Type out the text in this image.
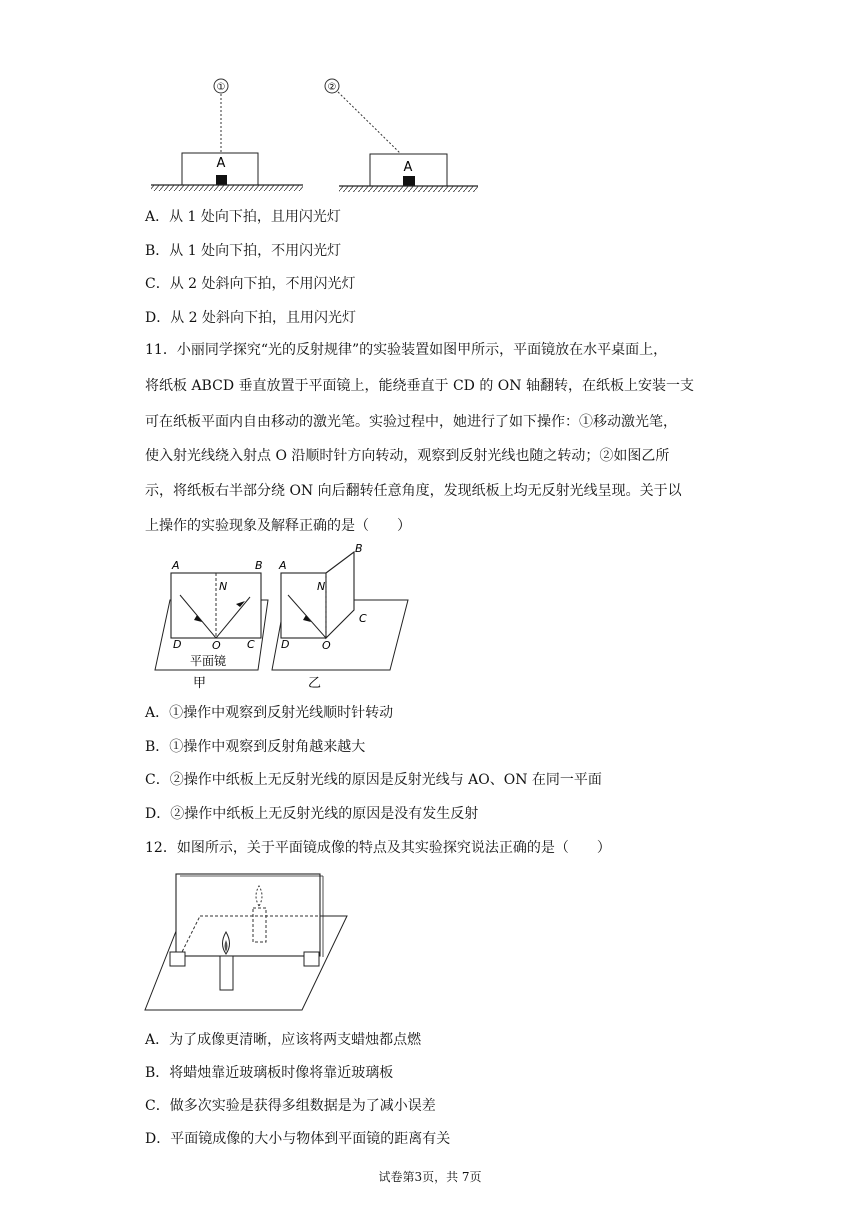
①
A
②
A
A．从 1 处向下拍，且用闪光灯
B．从 1 处向下拍，不用闪光灯
C．从 2 处斜向下拍，不用闪光灯
D．从 2 处斜向下拍，且用闪光灯
11．小丽同学探究“光的反射规律”的实验装置如图甲所示，平面镜放在水平桌面上，
将纸板 ABCD 垂直放置于平面镜上，能绕垂直于 CD 的 ON 轴翻转，在纸板上安装一支
可在纸板平面内自由移动的激光笔。实验过程中，她进行了如下操作：①移动激光笔，
使入射光线绕入射点 O 沿顺时针方向转动，观察到反射光线也随之转动；②如图乙所
示，将纸板右半部分绕 ON 向后翻转任意角度，发现纸板上均无反射光线呈现。关于以
上操作的实验现象及解释正确的是（　　）
A	B
N
D	O C
平面镜
甲
A
B
N
C
D	O
乙
A．①操作中观察到反射光线顺时针转动
B．①操作中观察到反射角越来越大
C．②操作中纸板上无反射光线的原因是反射光线与 AO、ON 在同一平面
D．②操作中纸板上无反射光线的原因是没有发生反射
12．如图所示，关于平面镜成像的特点及其实验探究说法正确的是（　　）
A．为了成像更清晰，应该将两支蜡烛都点燃
B．将蜡烛靠近玻璃板时像将靠近玻璃板
C．做多次实验是获得多组数据是为了减小误差
D．平面镜成像的大小与物体到平面镜的距离有关
试卷第3页，共 7页
